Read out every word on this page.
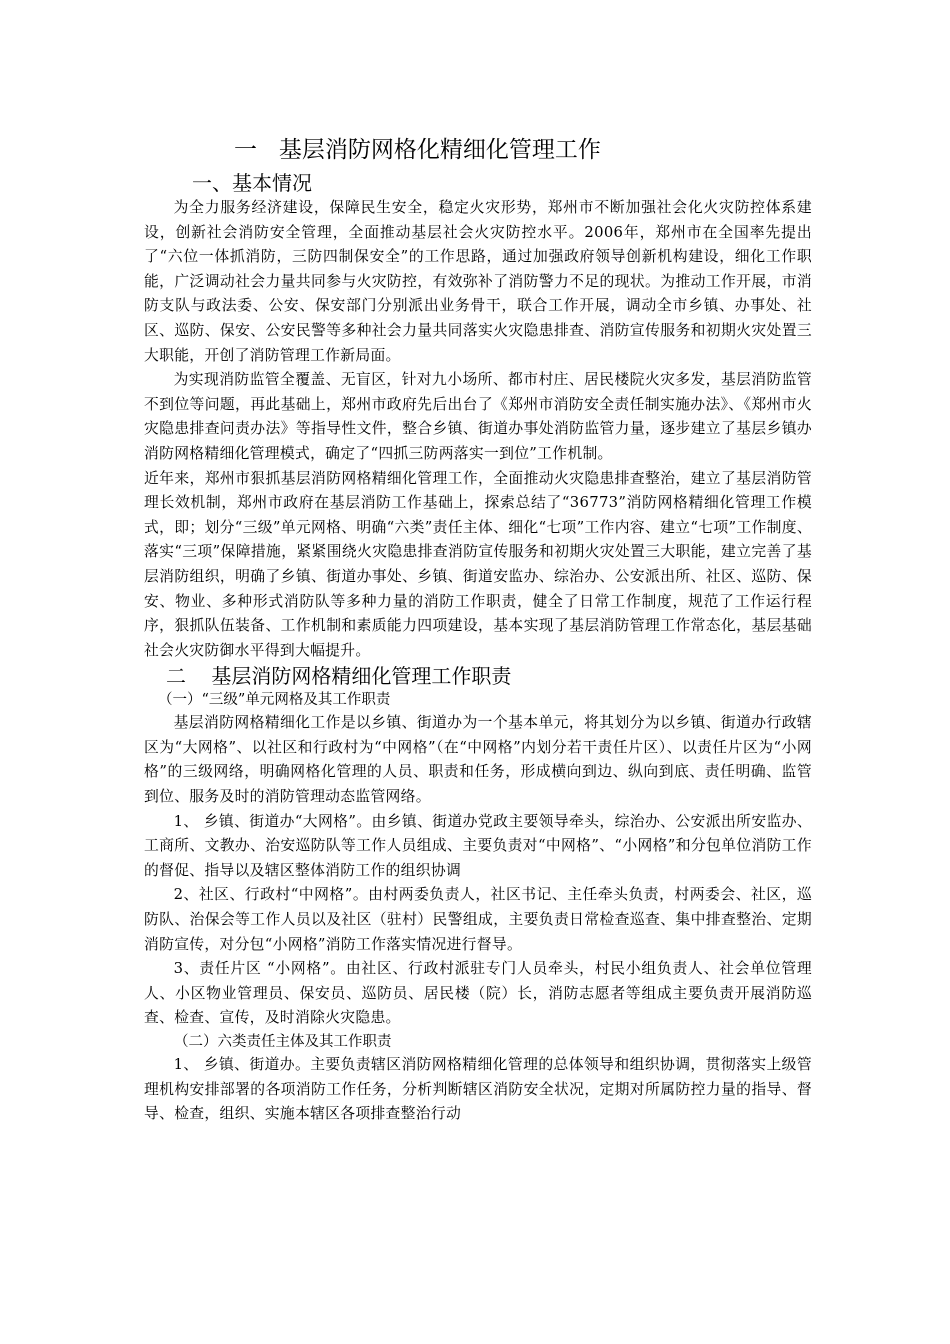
一   基层消防网格化精细化管理工作
一、基本情况

为全力服务经济建设，保障民生安全，稳定火灾形势，郑州市不断加强社会化火灾防控体系建设，创新社会消防安全管理，全面推动基层社会火灾防控水平。2006年，郑州市在全国率先提出了“六位一体抓消防，三防四制保安全”的工作思路，通过加强政府领导创新机构建设，细化工作职能，广泛调动社会力量共同参与火灾防控，有效弥补了消防警力不足的现状。为推动工作开展，市消防支队与政法委、公安、保安部门分别派出业务骨干，联合工作开展，调动全市乡镇、办事处、社区、巡防、保安、公安民警等多种社会力量共同落实火灾隐患排查、消防宣传服务和初期火灾处置三大职能，开创了消防管理工作新局面。

为实现消防监管全覆盖、无盲区，针对九小场所、都市村庄、居民楼院火灾多发，基层消防监管不到位等问题，再此基础上，郑州市政府先后出台了《郑州市消防安全责任制实施办法》、《郑州市火灾隐患排查问责办法》等指导性文件，整合乡镇、街道办事处消防监管力量，逐步建立了基层乡镇办消防网格精细化管理模式，确定了“四抓三防两落实一到位”工作机制。

近年来，郑州市狠抓基层消防网格精细化管理工作，全面推动火灾隐患排查整治，建立了基层消防管理长效机制，郑州市政府在基层消防工作基础上，探索总结了“36773”消防网格精细化管理工作模式，即；划分“三级”单元网格、明确“六类”责任主体、细化“七项”工作内容、建立“七项”工作制度、落实“三项”保障措施，紧紧围绕火灾隐患排查消防宣传服务和初期火灾处置三大职能，建立完善了基层消防组织，明确了乡镇、街道办事处、乡镇、街道安监办、综治办、公安派出所、社区、巡防、保安、物业、多种形式消防队等多种力量的消防工作职责，健全了日常工作制度，规范了工作运行程序，狠抓队伍装备、工作机制和素质能力四项建设，基本实现了基层消防管理工作常态化，基层基础社会火灾防御水平得到大幅提升。

二    基层消防网格精细化管理工作职责
（一）“三级”单元网格及其工作职责

基层消防网格精细化工作是以乡镇、街道办为一个基本单元，将其划分为以乡镇、街道办行政辖区为“大网格”、以社区和行政村为“中网格”（在“中网格”内划分若干责任片区）、以责任片区为“小网格”的三级网络，明确网格化管理的人员、职责和任务，形成横向到边、纵向到底、责任明确、监管到位、服务及时的消防管理动态监管网络。

1、 乡镇、街道办“大网格”。由乡镇、街道办党政主要领导牵头，综治办、公安派出所安监办、工商所、文教办、治安巡防队等工作人员组成、主要负责对“中网格”、“小网格”和分包单位消防工作的督促、指导以及辖区整体消防工作的组织协调

2、社区、行政村“中网格”。由村两委负责人，社区书记、主任牵头负责，村两委会、社区，巡防队、治保会等工作人员以及社区（驻村）民警组成，主要负责日常检查巡查、集中排查整治、定期消防宣传，对分包“小网格”消防工作落实情况进行督导。

3、责任片区 “小网格”。由社区、行政村派驻专门人员牵头，村民小组负责人、社会单位管理人、小区物业管理员、保安员、巡防员、居民楼（院）长，消防志愿者等组成主要负责开展消防巡查、检查、宣传，及时消除火灾隐患。

（二）六类责任主体及其工作职责

1、 乡镇、街道办。主要负责辖区消防网格精细化管理的总体领导和组织协调，贯彻落实上级管理机构安排部署的各项消防工作任务，分析判断辖区消防安全状况，定期对所属防控力量的指导、督导、检查，组织、实施本辖区各项排查整治行动
